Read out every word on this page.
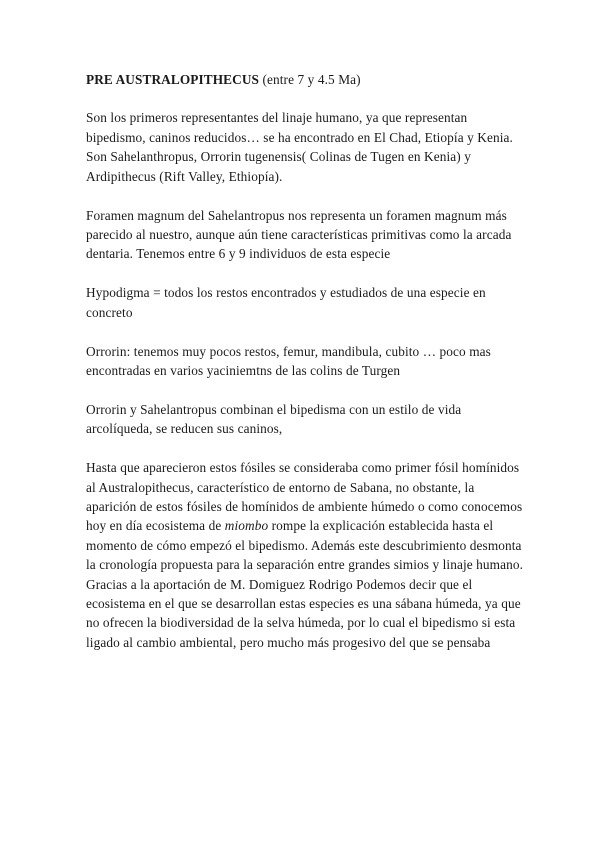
PRE AUSTRALOPITHECUS (entre 7 y 4.5 Ma)

Son los primeros representantes del linaje humano, ya que representan bipedismo, caninos reducidos… se ha encontrado en El Chad, Etiopía y Kenia. Son Sahelanthropus, Orrorin tugenensis( Colinas de Tugen en Kenia) y Ardipithecus (Rift Valley, Ethiopía).

Foramen magnum del Sahelantropus nos representa un foramen magnum más parecido al nuestro, aunque aún tiene características primitivas como la arcada dentaria. Tenemos entre 6 y 9 individuos de esta especie

Hypodigma = todos los restos encontrados y estudiados de una especie en concreto

Orrorin: tenemos muy pocos restos, femur, mandibula, cubito … poco mas encontradas en varios yaciniemtns de las colins de Turgen

Orrorin y Sahelantropus combinan el bipedisma con un estilo de vida arcolíqueda, se reducen sus caninos,

Hasta que aparecieron estos fósiles se consideraba como primer fósil homínidos al Australopithecus, característico de entorno de Sabana, no obstante, la aparición de estos fósiles de homínidos de ambiente húmedo o como conocemos hoy en día ecosistema de miombo rompe la explicación establecida hasta el momento de cómo empezó el bipedismo. Además este descubrimiento desmonta la cronología propuesta para la separación entre grandes simios y linaje humano. Gracias a la aportación de M. Domiguez Rodrigo Podemos decir que el ecosistema en el que se desarrollan estas especies es una sábana húmeda, ya que no ofrecen la biodiversidad de la selva húmeda, por lo cual el bipedismo si esta ligado al cambio ambiental, pero mucho más progesivo del que se pensaba
